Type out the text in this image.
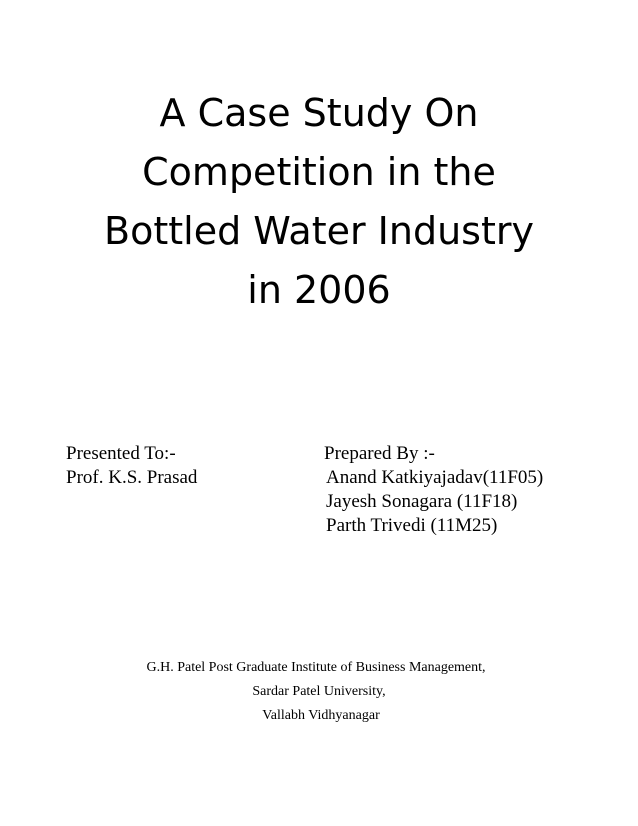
A Case Study On
Competition in the
Bottled Water Industry
in 2006
Presented To:-
Prof. K.S. Prasad
Prepared By :-
Anand Katkiyajadav(11F05)
Jayesh Sonagara (11F18)
Parth Trivedi (11M25)
G.H. Patel Post Graduate Institute of Business Management,
Sardar Patel University,
Vallabh Vidhyanagar
